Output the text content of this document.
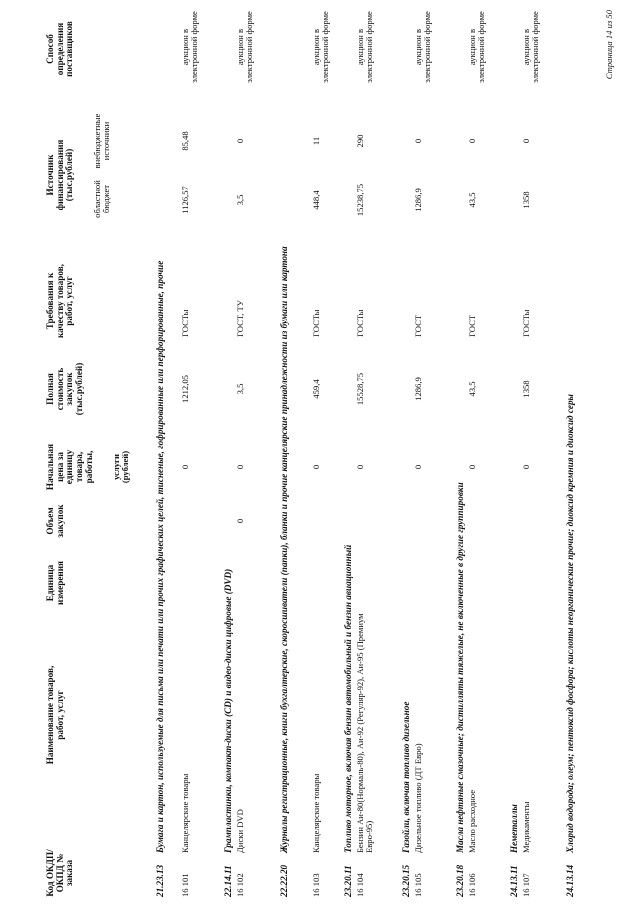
Код ОКДП/ ОКПД № заказа
Наименование товаров, работ, услуг
Единица измерения
Объем закупок
Начальная цена за единицу товара, работы, услуги (рублей)
Полная стоимость закупок (тыс.рублей)
Требования к качеству товаров, работ, услуг
Источник финансирования (тыс.рублей) областной бюджет
внебюджетные источники
Способ определения поставщиков
21.23.13Бумага и картон, используемые для письма или печати или прочих графических целей, тисненые, гофрированные или перфорированные, прочие
16 101
Канцелярские товары
0
1212,05
ГОСТы
1126,57
85,48
аукцион в электронной форме
22.14.11Грампластинки, компакт-диски (CD) и видео-диски цифровые (DVD)
16 102
Диски DVD
0
0
3,5
ГОСТ, ТУ
3,5
0
аукцион в электронной форме
22.22.20Журналы регистрационные, книги бухгалтерские, скоросшиватели (папки), бланки и прочие канцелярские принадлежности из бумаги или картона
16 103
Канцелярские товары
0
459,4
ГОСТы
448,4
11
аукцион в электронной форме
23.20.11Топливо моторное, включая бензин автомобильный и бензин авиационный
16 104
Бензин Аи-80(Нормаль-80), Аи-92 (Регуляр-92), Аи-95 (Премиум Евро-95)
0
15528,75
ГОСТы
15238,75
290
аукцион в электронной форме
23.20.15Газойли, включая топливо дизельное
16 105
Дизельное топливо (ДТ Евро)
0
1286,9
ГОСТ
1286,9
0
аукцион в электронной форме
23.20.18Масла нефтяные смазочные; дистилляты тяжелые, не включенные в другие группировки
16 106
Масло расходное
0
43,5
ГОСТ
43,5
0
аукцион в электронной форме
24.13.11Неметаллы
16 107
Медикаменты
0
1358
ГОСТы
1358
0
аукцион в электронной форме
24.13.14Хлорид водорода; олеум; пентоксид фосфора; кислоты неорганические прочие; диоксид кремния и диоксид серы
Страница 14 из 50
